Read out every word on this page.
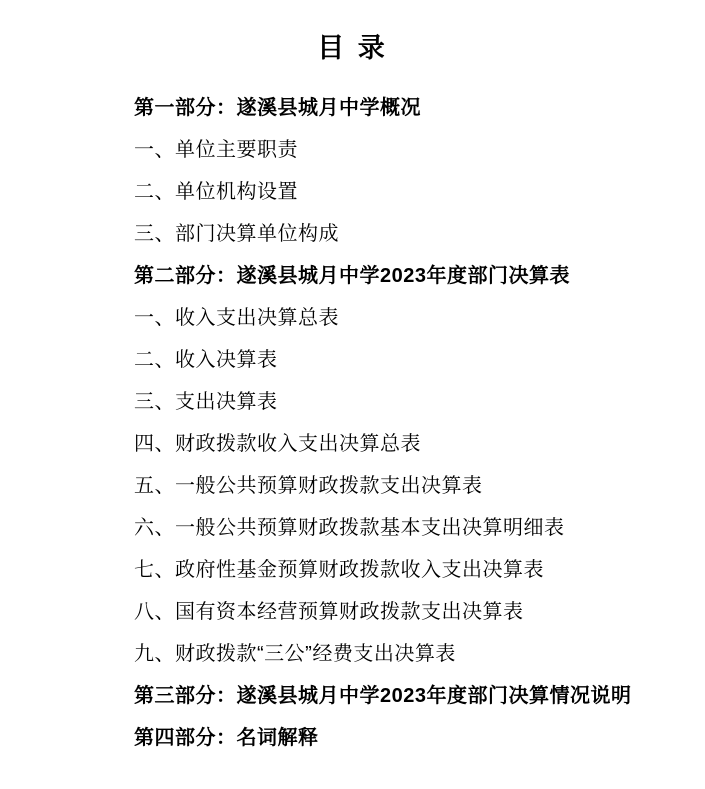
目 录

第一部分：遂溪县城月中学概况

一、单位主要职责

二、单位机构设置

三、部门决算单位构成

第二部分：遂溪县城月中学2023年度部门决算表

一、收入支出决算总表

二、收入决算表

三、支出决算表

四、财政拨款收入支出决算总表

五、一般公共预算财政拨款支出决算表

六、一般公共预算财政拨款基本支出决算明细表

七、政府性基金预算财政拨款收入支出决算表

八、国有资本经营预算财政拨款支出决算表

九、财政拨款“三公”经费支出决算表

第三部分：遂溪县城月中学2023年度部门决算情况说明

第四部分：名词解释
